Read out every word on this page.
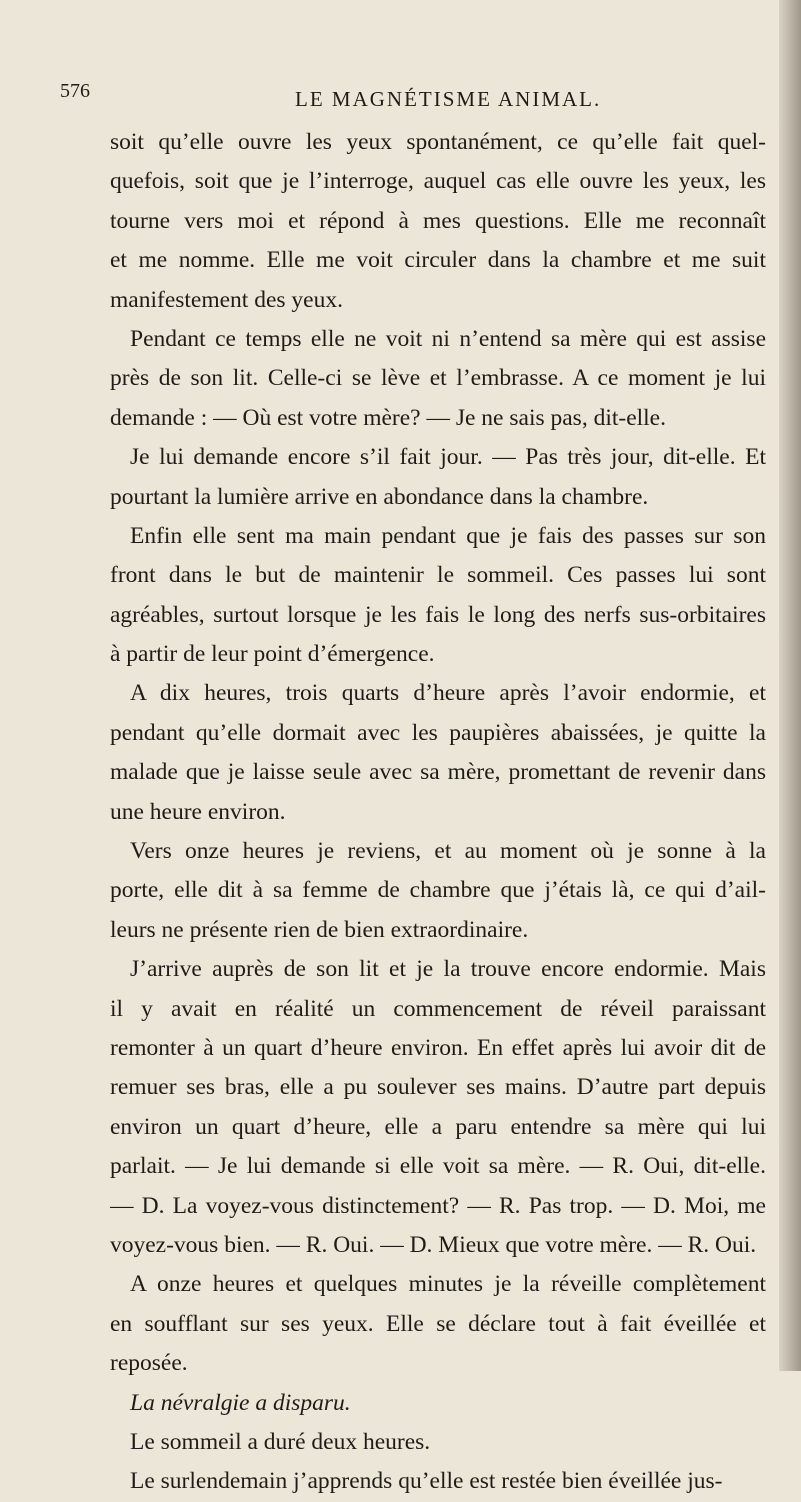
576	LE MAGNÉTISME ANIMAL.
soit qu’elle ouvre les yeux spontanément, ce qu’elle fait quel-
quefois, soit que je l’interroge, auquel cas elle ouvre les yeux, les
tourne vers moi et répond à mes questions. Elle me reconnaît
et me nomme. Elle me voit circuler dans la chambre et me suit
manifestement des yeux.
Pendant ce temps elle ne voit ni n’entend sa mère qui est assise
près de son lit. Celle-ci se lève et l’embrasse. A ce moment je lui
demande : — Où est votre mère? — Je ne sais pas, dit-elle.
Je lui demande encore s’il fait jour. — Pas très jour, dit-elle. Et
pourtant la lumière arrive en abondance dans la chambre.
Enfin elle sent ma main pendant que je fais des passes sur son
front dans le but de maintenir le sommeil. Ces passes lui sont
agréables, surtout lorsque je les fais le long des nerfs sus-orbitaires
à partir de leur point d’émergence.
A dix heures, trois quarts d’heure après l’avoir endormie, et
pendant qu’elle dormait avec les paupières abaissées, je quitte la
malade que je laisse seule avec sa mère, promettant de revenir dans
une heure environ.
Vers onze heures je reviens, et au moment où je sonne à la
porte, elle dit à sa femme de chambre que j’étais là, ce qui d’ail-
leurs ne présente rien de bien extraordinaire.
J’arrive auprès de son lit et je la trouve encore endormie. Mais
il y avait en réalité un commencement de réveil paraissant
remonter à un quart d’heure environ. En effet après lui avoir dit de
remuer ses bras, elle a pu soulever ses mains. D’autre part depuis
environ un quart d’heure, elle a paru entendre sa mère qui lui
parlait. — Je lui demande si elle voit sa mère. — R. Oui, dit-elle.
— D. La voyez-vous distinctement? — R. Pas trop. — D. Moi, me
voyez-vous bien. — R. Oui. — D. Mieux que votre mère. — R. Oui.
A onze heures et quelques minutes je la réveille complètement
en soufflant sur ses yeux. Elle se déclare tout à fait éveillée et
reposée.
La névralgie a disparu.
Le sommeil a duré deux heures.
Le surlendemain j’apprends qu’elle est restée bien éveillée jus-
